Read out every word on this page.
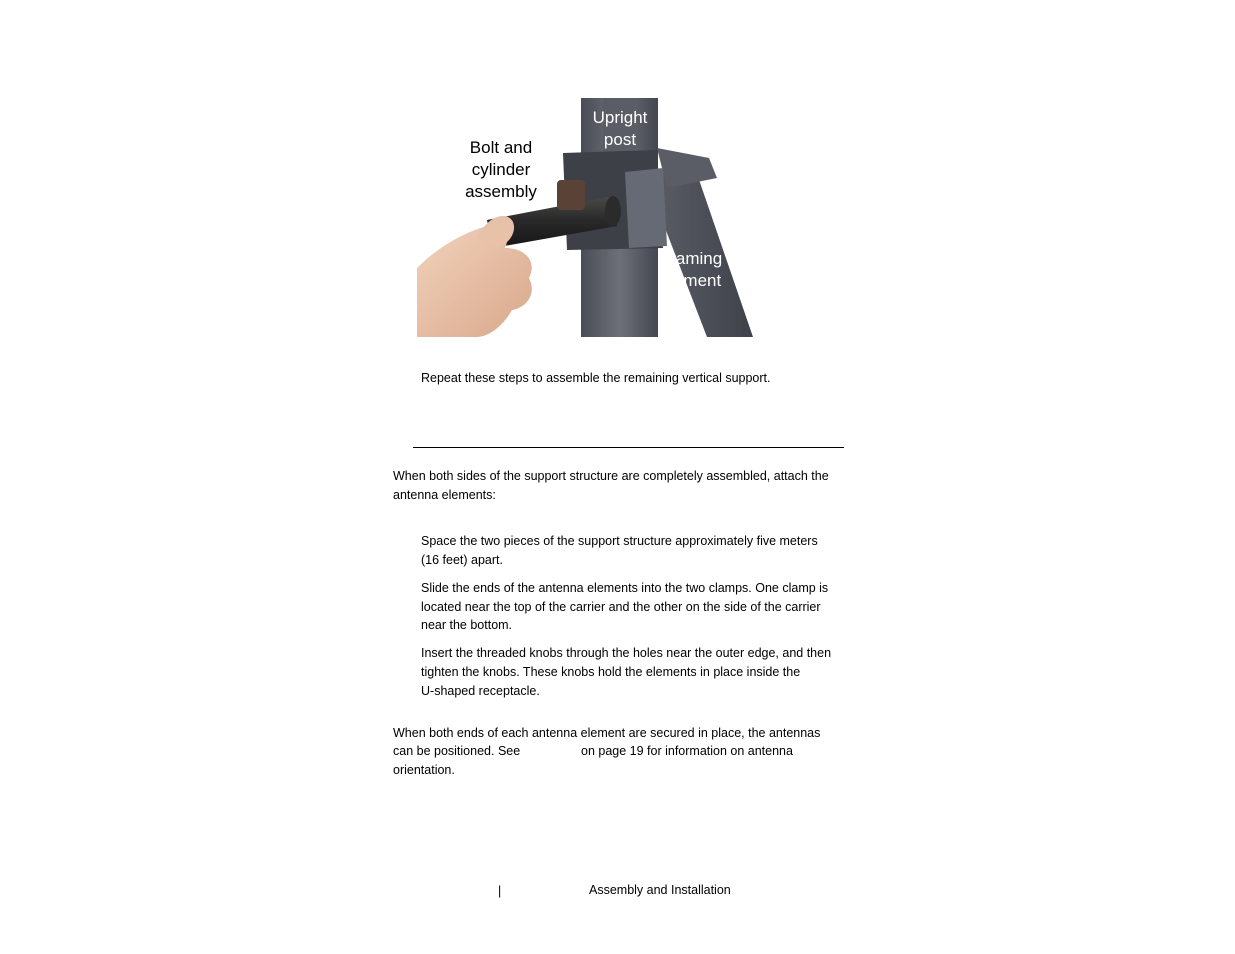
Bolt and
cylinder
assembly
Upright
post
Framing
element
Repeat these steps to assemble the remaining vertical support.
When both sides of the support structure are completely assembled, attach the
antenna elements:
Space the two pieces of the support structure approximately five meters
(16 feet) apart.
Slide the ends of the antenna elements into the two clamps. One clamp is
located near the top of the carrier and the other on the side of the carrier
near the bottom.
Insert the threaded knobs through the holes near the outer edge, and then
tighten the knobs. These knobs hold the elements in place inside the
U-shaped receptacle.
When both ends of each antenna element are secured in place, the antennas
can be positioned. See	on page 19 for information on antenna
orientation.
|	Assembly and Installation
